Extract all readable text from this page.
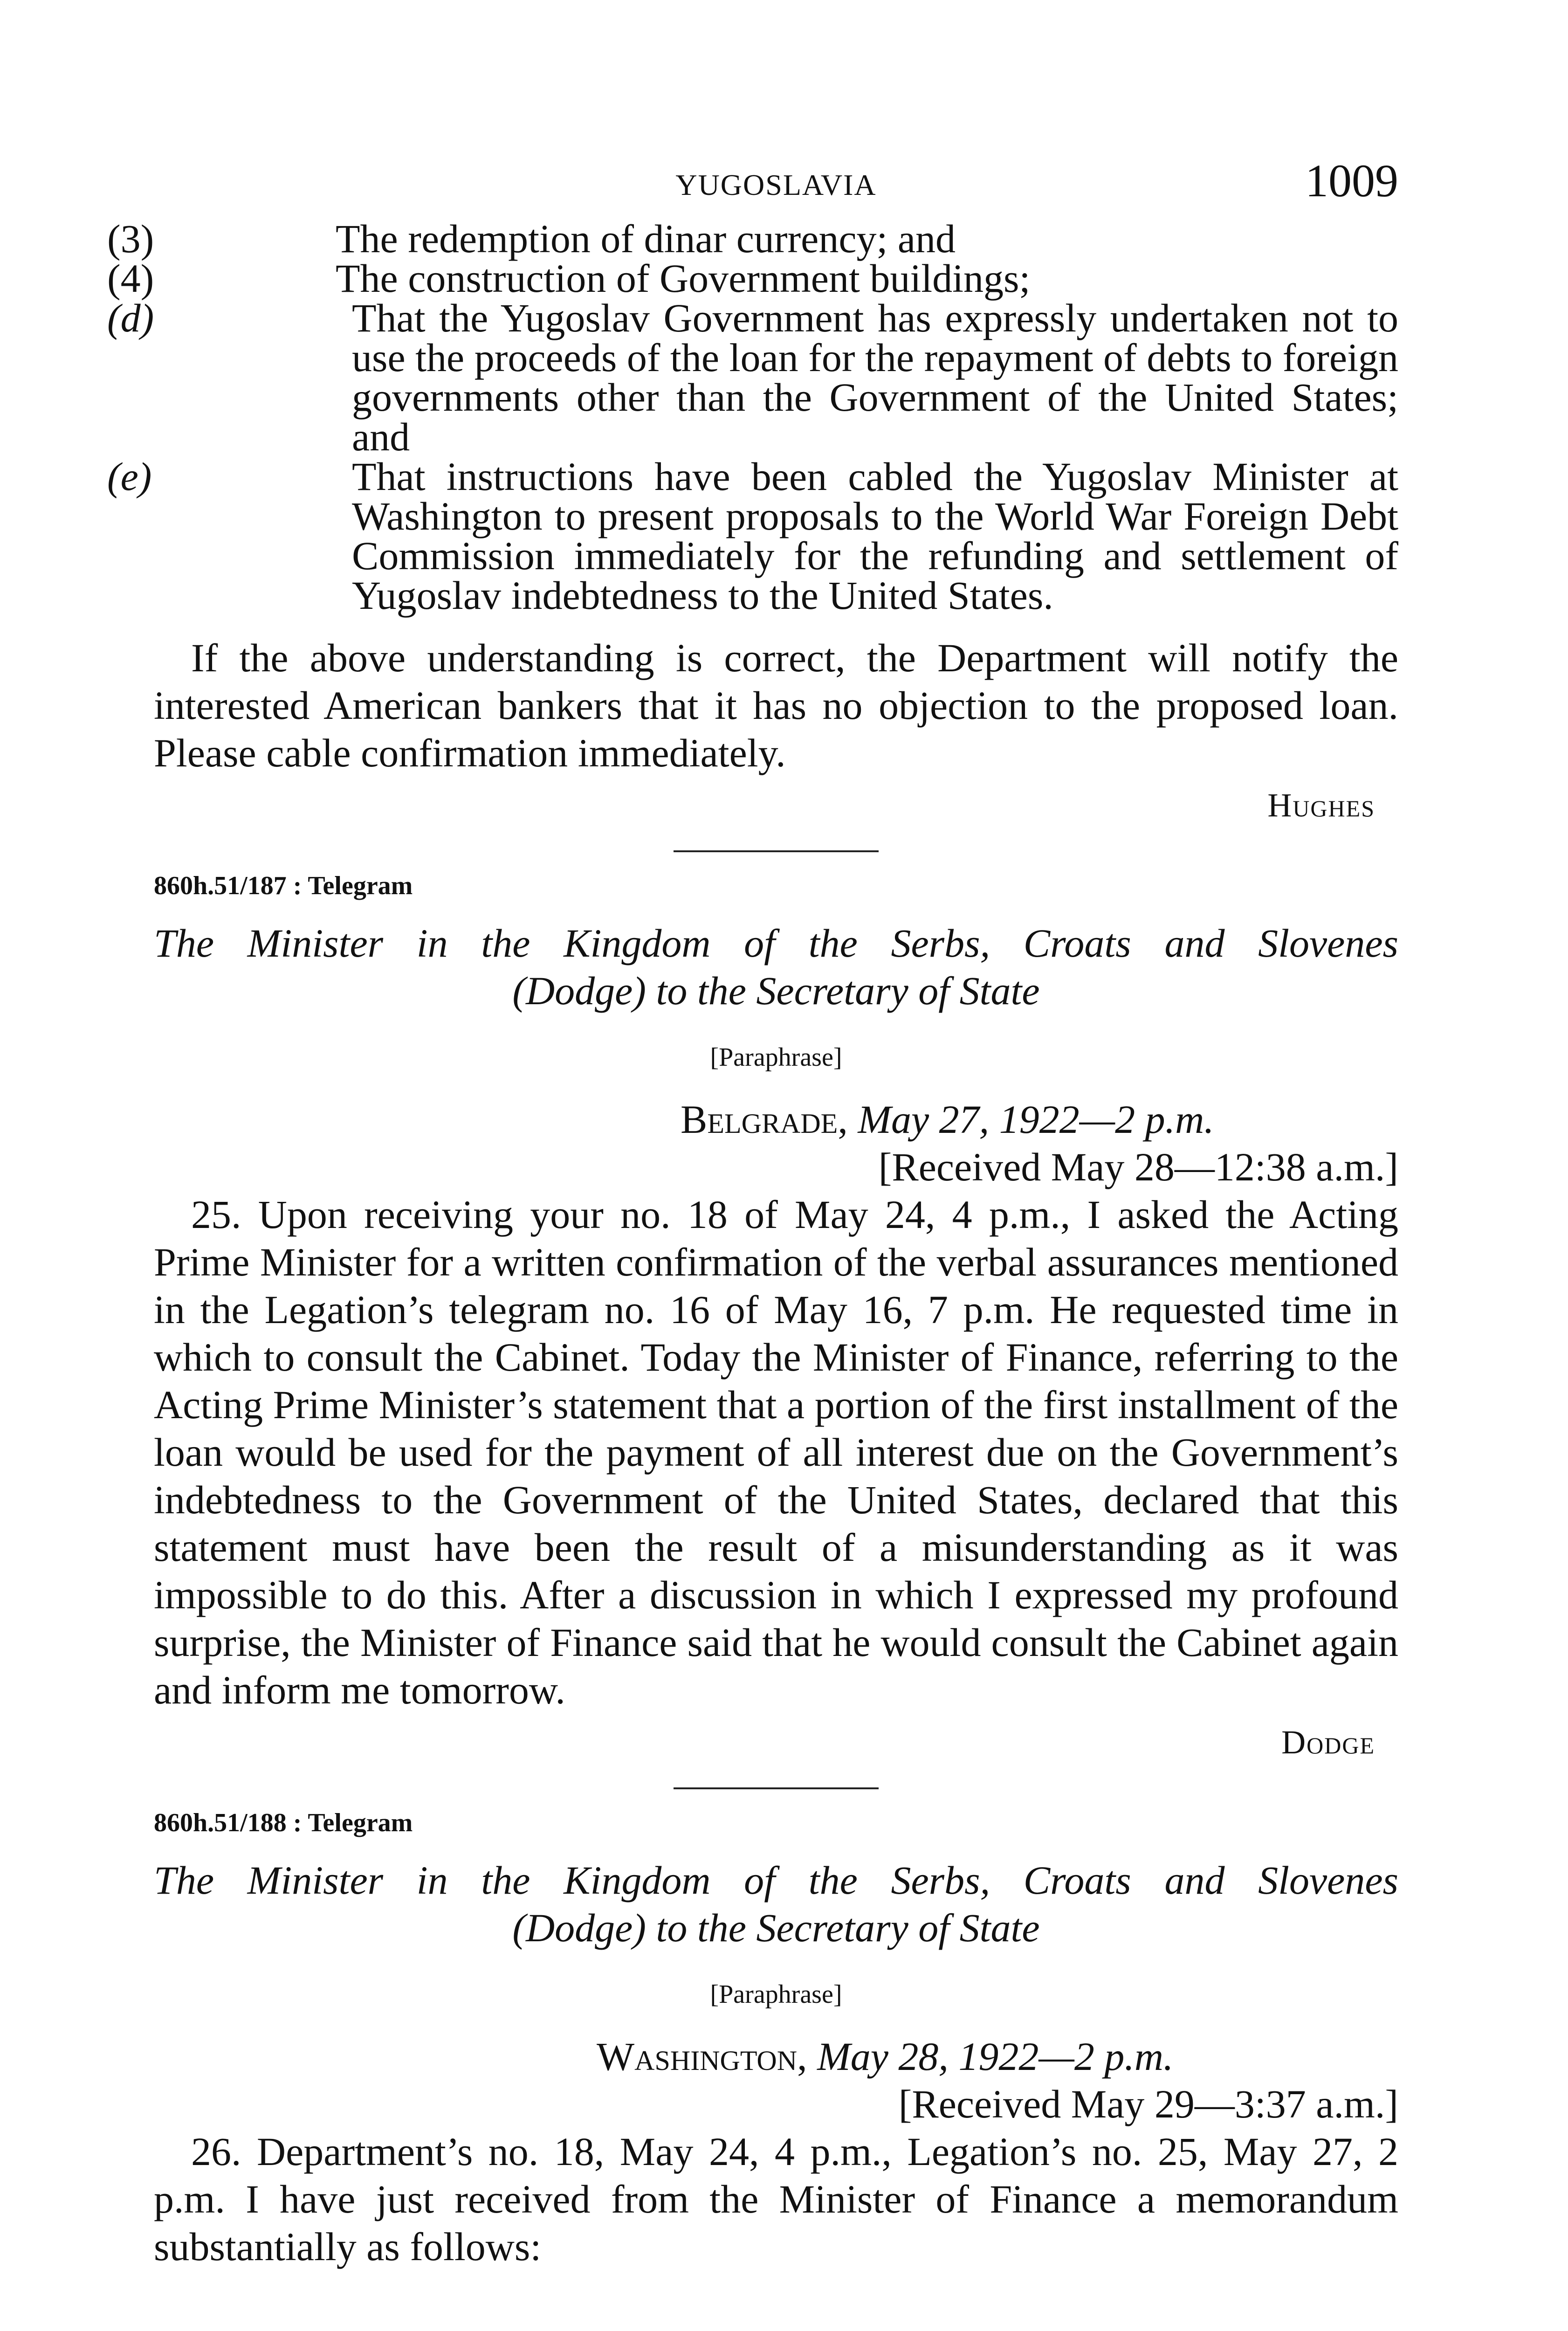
YUGOSLAVIA	1009
(3)	The redemption of dinar currency; and
(4)	The construction of Government buildings;
(d)	That the Yugoslav Government has expressly undertaken not to use the proceeds of the loan for the repayment of debts to foreign governments other than the Government of the United States; and
(e)	That instructions have been cabled the Yugoslav Minister at Washington to present proposals to the World War Foreign Debt Commission immediately for the refunding and settlement of Yugoslav indebtedness to the United States.

If the above understanding is correct, the Department will notify the interested American bankers that it has no objection to the proposed loan. Please cable confirmation immediately.

Hughes
860h.51/187 : Telegram
The Minister in the Kingdom of the Serbs, Croats and Slovenes
(Dodge) to the Secretary of State
[Paraphrase]
Belgrade, May 27, 1922—2 p.m.
[Received May 28—12:38 a.m.]

25. Upon receiving your no. 18 of May 24, 4 p.m., I asked the Acting Prime Minister for a written confirmation of the verbal assurances mentioned in the Legation’s telegram no. 16 of May 16, 7 p.m. He requested time in which to consult the Cabinet. Today the Minister of Finance, referring to the Acting Prime Minister’s statement that a portion of the first installment of the loan would be used for the payment of all interest due on the Government’s indebtedness to the Government of the United States, declared that this statement must have been the result of a misunderstanding as it was impossible to do this. After a discussion in which I expressed my profound surprise, the Minister of Finance said that he would consult the Cabinet again and inform me tomorrow.

Dodge
860h.51/188 : Telegram
The Minister in the Kingdom of the Serbs, Croats and Slovenes
(Dodge) to the Secretary of State
[Paraphrase]
Washington, May 28, 1922—2 p.m.
[Received May 29—3:37 a.m.]

26. Department’s no. 18, May 24, 4 p.m., Legation’s no. 25, May 27, 2 p.m. I have just received from the Minister of Finance a memorandum substantially as follows:
